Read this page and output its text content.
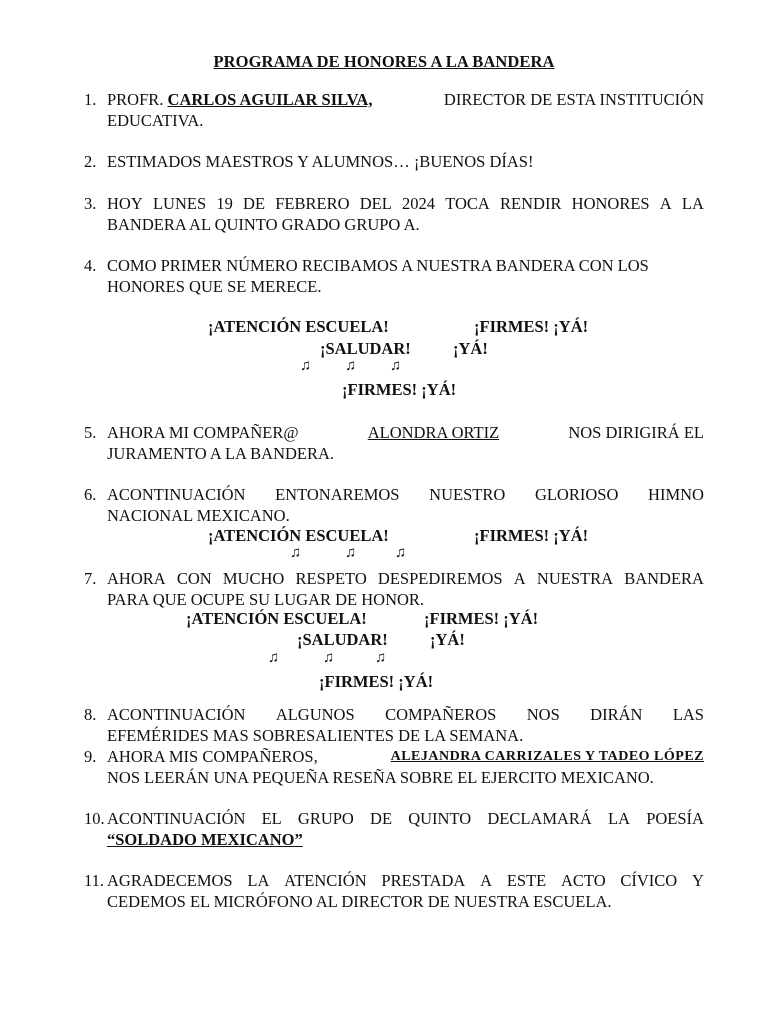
PROGRAMA DE HONORES A LA BANDERA
1. PROFR. CARLOS AGUILAR SILVA,	DIRECTOR DE ESTA INSTITUCIÓN
EDUCATIVA.
2. ESTIMADOS MAESTROS Y ALUMNOS… ¡BUENOS DÍAS!
3. HOY LUNES 19 DE FEBRERO DEL 2024 TOCA RENDIR HONORES A LA
BANDERA AL QUINTO GRADO GRUPO A.
4. COMO PRIMER NÚMERO RECIBAMOS A NUESTRA BANDERA CON LOS
HONORES QUE SE MERECE.
¡ATENCIÓN ESCUELA!	¡FIRMES! ¡YÁ!
¡SALUDAR!	¡YÁ!
♫ ♫ ♫
¡FIRMES! ¡YÁ!
5. AHORA MI COMPAÑER@	ALONDRA ORTIZ	NOS DIRIGIRÁ EL
JURAMENTO A LA BANDERA.
6. ACONTINUACIÓN ENTONAREMOS NUESTRO GLORIOSO HIMNO
NACIONAL MEXICANO.
¡ATENCIÓN ESCUELA!	¡FIRMES! ¡YÁ!
♫	♫	♫
7. AHORA CON MUCHO RESPETO DESPEDIREMOS A NUESTRA BANDERA
PARA QUE OCUPE SU LUGAR DE HONOR.
¡ATENCIÓN ESCUELA!	¡FIRMES! ¡YÁ!
¡SALUDAR!	¡YÁ!
♫	♫	♫
¡FIRMES! ¡YÁ!
8. ACONTINUACIÓN ALGUNOS COMPAÑEROS NOS DIRÁN LAS
EFEMÉRIDES MAS SOBRESALIENTES DE LA SEMANA.
9. AHORA MIS COMPAÑEROS,	ALEJANDRA CARRIZALES Y TADEO LÓPEZ
NOS LEERÁN UNA PEQUEÑA RESEÑA SOBRE EL EJERCITO MEXICANO.
10. ACONTINUACIÓN EL GRUPO DE QUINTO DECLAMARÁ LA POESÍA
“SOLDADO MEXICANO”
11. AGRADECEMOS LA ATENCIÓN PRESTADA A ESTE ACTO CÍVICO Y
CEDEMOS EL MICRÓFONO AL DIRECTOR DE NUESTRA ESCUELA.
